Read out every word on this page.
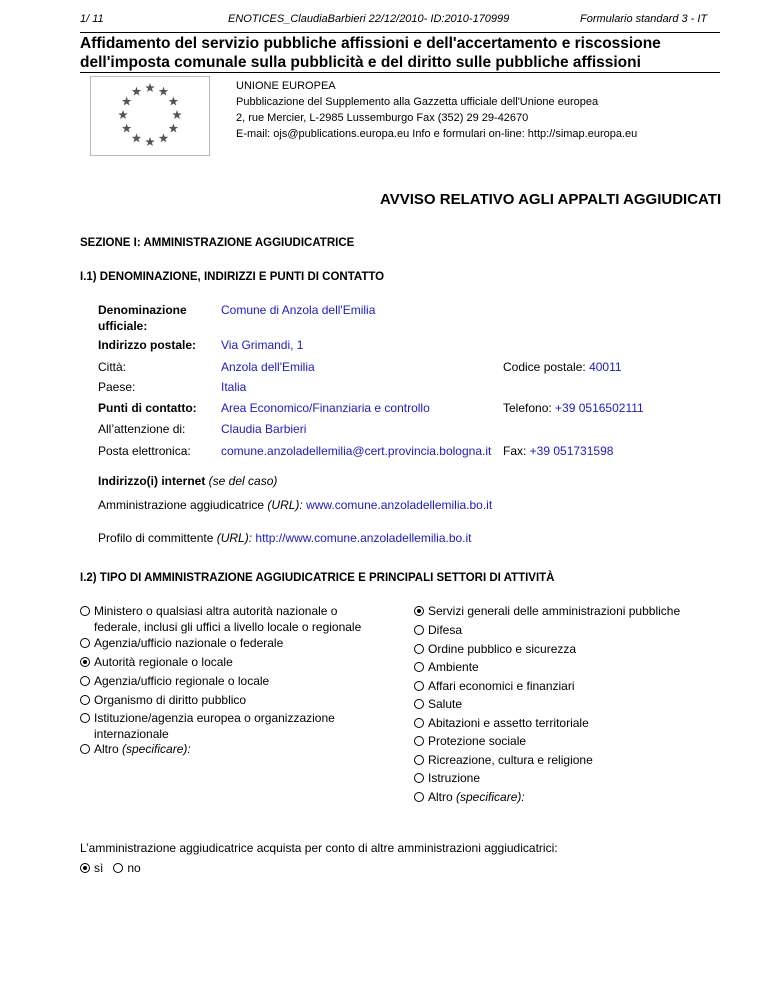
1/ 11	ENOTICES_ClaudiaBarbieri 22/12/2010- ID:2010-170999	Formulario standard 3 - IT
Affidamento del servizio pubbliche affissioni e dell'accertamento e riscossione
dell'imposta comunale sulla pubblicità e del diritto sulle pubbliche affissioni
UNIONE EUROPEA
Pubblicazione del Supplemento alla Gazzetta ufficiale dell'Unione europea
2, rue Mercier, L-2985 Lussemburgo Fax (352) 29 29-42670
E-mail: ojs@publications.europa.eu Info e formulari on-line: http://simap.europa.eu
AVVISO RELATIVO AGLI APPALTI AGGIUDICATI
SEZIONE I: AMMINISTRAZIONE AGGIUDICATRICE
I.1) DENOMINAZIONE, INDIRIZZI E PUNTI DI CONTATTO
Denominazione
ufficiale:
Comune di Anzola dell'Emilia
Indirizzo postale: Via Grimandi, 1
Città:	Anzola dell'Emilia	Codice postale: 40011
Paese:	Italia
Punti di contatto: Area Economico/Finanziaria e controllo	Telefono: +39 0516502111
All’attenzione di:	Claudia Barbieri
Posta elettronica:	comune.anzoladellemilia@cert.provincia.bologna.it Fax: +39 051731598
Indirizzo(i) internet (se del caso)
Amministrazione aggiudicatrice (URL): www.comune.anzoladellemilia.bo.it
Profilo di committente (URL): http://www.comune.anzoladellemilia.bo.it
I.2) TIPO DI AMMINISTRAZIONE AGGIUDICATRICE E PRINCIPALI SETTORI DI ATTIVITÀ
Ministero o qualsiasi altra autorità nazionale o
federale, inclusi gli uffici a livello locale o regionale
Agenzia/ufficio nazionale o federale
Autorità regionale o locale
Agenzia/ufficio regionale o locale
Organismo di diritto pubblico
Istituzione/agenzia europea o organizzazione
internazionale
Altro (specificare):
Servizi generali delle amministrazioni pubbliche
Difesa
Ordine pubblico e sicurezza
Ambiente
Affari economici e finanziari
Salute
Abitazioni e assetto territoriale
Protezione sociale
Ricreazione, cultura e religione
Istruzione
Altro (specificare):
L’amministrazione aggiudicatrice acquista per conto di altre amministrazioni aggiudicatrici:
sì no
